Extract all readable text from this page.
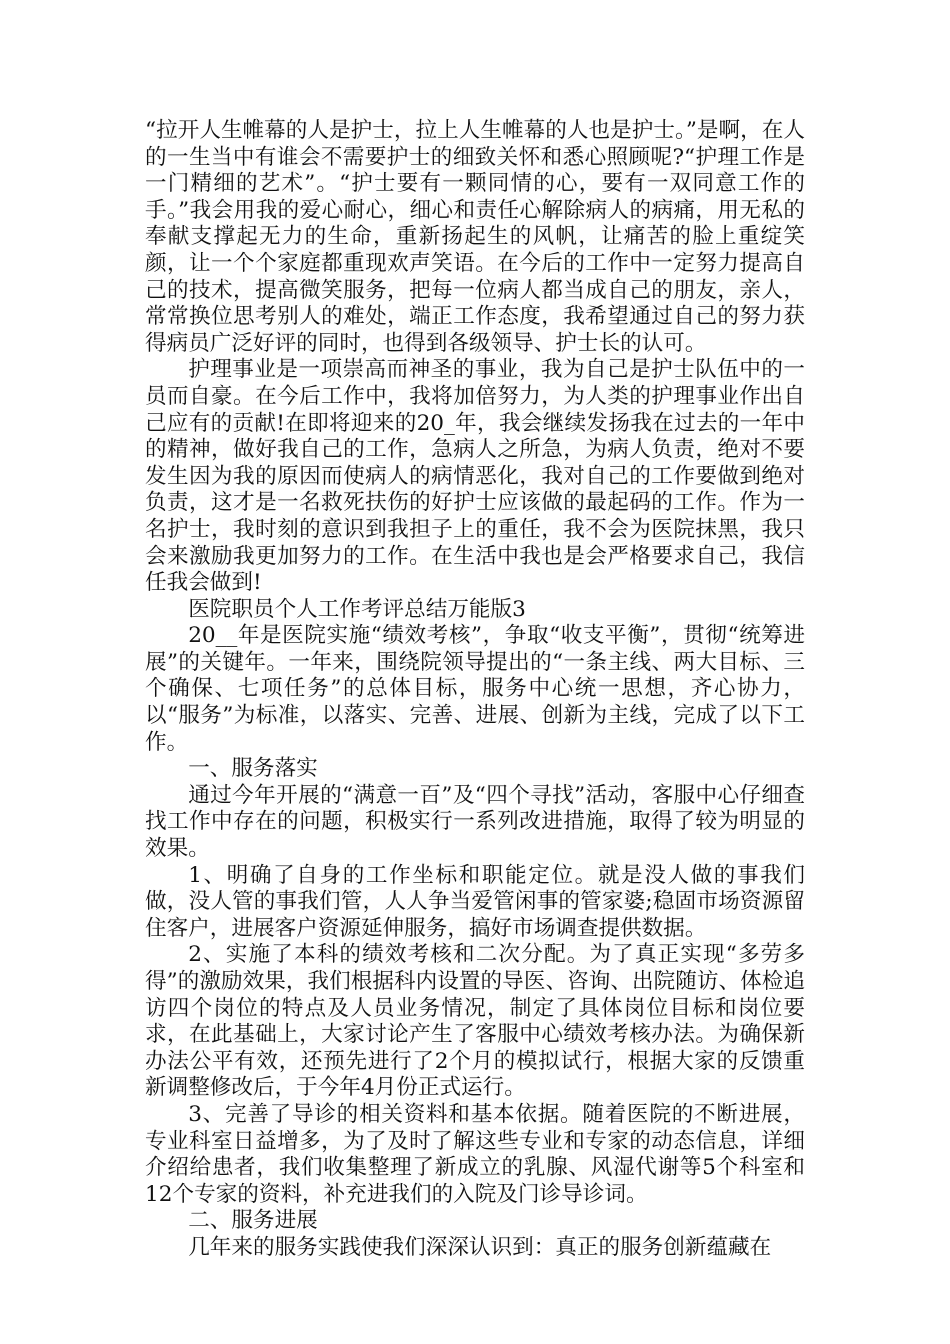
“拉开人生帷幕的人是护士，拉上人生帷幕的人也是护士。”是啊，在人的一生当中有谁会不需要护士的细致关怀和悉心照顾呢?“护理工作是一门精细的艺术”。“护士要有一颗同情的心，要有一双同意工作的手。”我会用我的爱心耐心，细心和责任心解除病人的病痛，用无私的奉献支撑起无力的生命，重新扬起生的风帆，让痛苦的脸上重绽笑颜，让一个个家庭都重现欢声笑语。在今后的工作中一定努力提高自己的技术，提高微笑服务，把每一位病人都当成自己的朋友，亲人，常常换位思考别人的难处，端正工作态度，我希望通过自己的努力获得病员广泛好评的同时，也得到各级领导、护士长的认可。

护理事业是一项崇高而神圣的事业，我为自己是护士队伍中的一员而自豪。在今后工作中，我将加倍努力，为人类的护理事业作出自己应有的贡献!在即将迎来的20_年，我会继续发扬我在过去的一年中的精神，做好我自己的工作，急病人之所急，为病人负责，绝对不要发生因为我的原因而使病人的病情恶化，我对自己的工作要做到绝对负责，这才是一名救死扶伤的好护士应该做的最起码的工作。作为一名护士，我时刻的意识到我担子上的重任，我不会为医院抹黑，我只会来激励我更加努力的工作。在生活中我也是会严格要求自己，我信任我会做到!

医院职员个人工作考评总结万能版3

20__年是医院实施“绩效考核”，争取“收支平衡”，贯彻“统筹进展”的关键年。一年来，围绕院领导提出的“一条主线、两大目标、三个确保、七项任务”的总体目标，服务中心统一思想，齐心协力，以“服务”为标准，以落实、完善、进展、创新为主线，完成了以下工作。

一、服务落实

通过今年开展的“满意一百”及“四个寻找”活动，客服中心仔细查找工作中存在的问题，积极实行一系列改进措施，取得了较为明显的效果。

1、明确了自身的工作坐标和职能定位。就是没人做的事我们做，没人管的事我们管，人人争当爱管闲事的管家婆;稳固市场资源留住客户，进展客户资源延伸服务，搞好市场调查提供数据。

2、实施了本科的绩效考核和二次分配。为了真正实现“多劳多得”的激励效果，我们根据科内设置的导医、咨询、出院随访、体检追访四个岗位的特点及人员业务情况，制定了具体岗位目标和岗位要求，在此基础上，大家讨论产生了客服中心绩效考核办法。为确保新办法公平有效，还预先进行了2个月的模拟试行，根据大家的反馈重新调整修改后，于今年4月份正式运行。

3、完善了导诊的相关资料和基本依据。随着医院的不断进展，专业科室日益增多，为了及时了解这些专业和专家的动态信息，详细介绍给患者，我们收集整理了新成立的乳腺、风湿代谢等5个科室和12个专家的资料，补充进我们的入院及门诊导诊词。

二、服务进展

几年来的服务实践使我们深深认识到：真正的服务创新蕴藏在
